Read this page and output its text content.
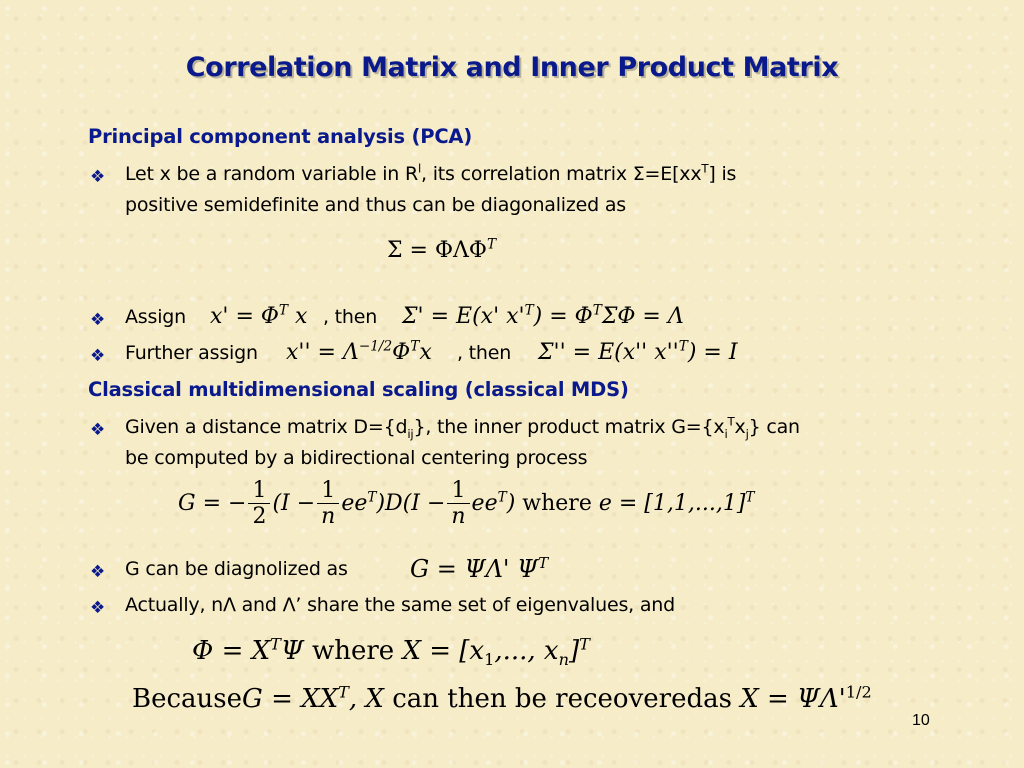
Correlation Matrix and Inner Product Matrix
Principal component analysis (PCA)
❖ Let x be a random variable in $R^l$, its correlation matrix $\Sigma=E[xx^T]$ is
positive semidefinite and thus can be diagonalized as
$\Sigma = \Phi\Lambda\Phi^T$
❖ Assign $x' = \Phi^T$ x , then Σ' = E(x' $x'^T) = \Phi^T\Sigma\Phi = \Lambda$
❖ Further assign $x'' = \Lambda^{-1/2}\Phi^Tx$ , then Σ'' = E(x'' $x''^T) = I$
Classical multidimensional scaling (classical MDS)
❖ Given a distance matrix $D=\{d_{ij}\}$, the inner product matrix $G=\{x_i^Tx_j\}$ can
be computed by a bidirectional centering process
G = − $\frac{1}{2} (I - \frac{1}{n} ee^T)D(I - \frac{1}{n} ee^T)$ where $e = [1,1,...,1]^T$
❖ G can be diagnolized as	G = ΨΛ' $\Psi^T$
❖ Actually, nΛ and Λ’ share the same set of eigenvalues, and
$\Phi = X^T\Psi$ where $X = [x_1$,..., $x_n]^T$
BecauseG = $XX^T$, X can then be receoveredas $X = \Psi\Lambda'^{1/2}$
10
